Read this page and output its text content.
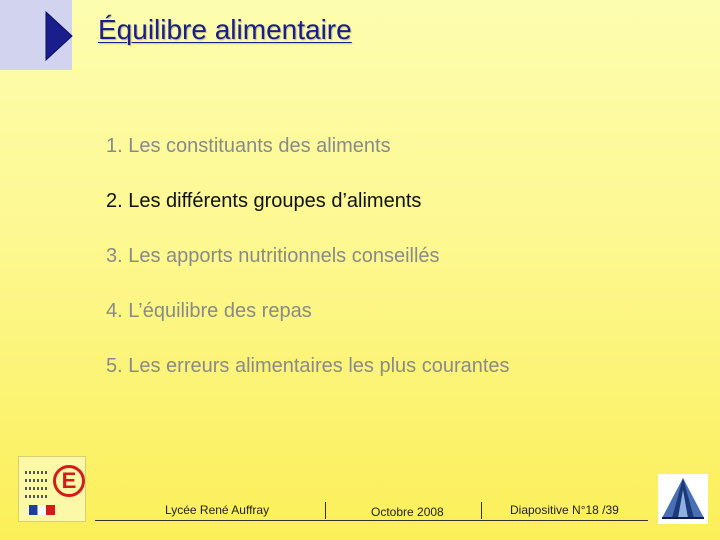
Équilibre alimentaire
1. Les constituants des aliments
2. Les différents groupes d’aliments
3. Les apports nutritionnels conseillés
4. L’équilibre des repas
5. Les erreurs alimentaires les plus courantes
E
Lycée René Auffray	Octobre 2008	Diapositive N°18 /39
